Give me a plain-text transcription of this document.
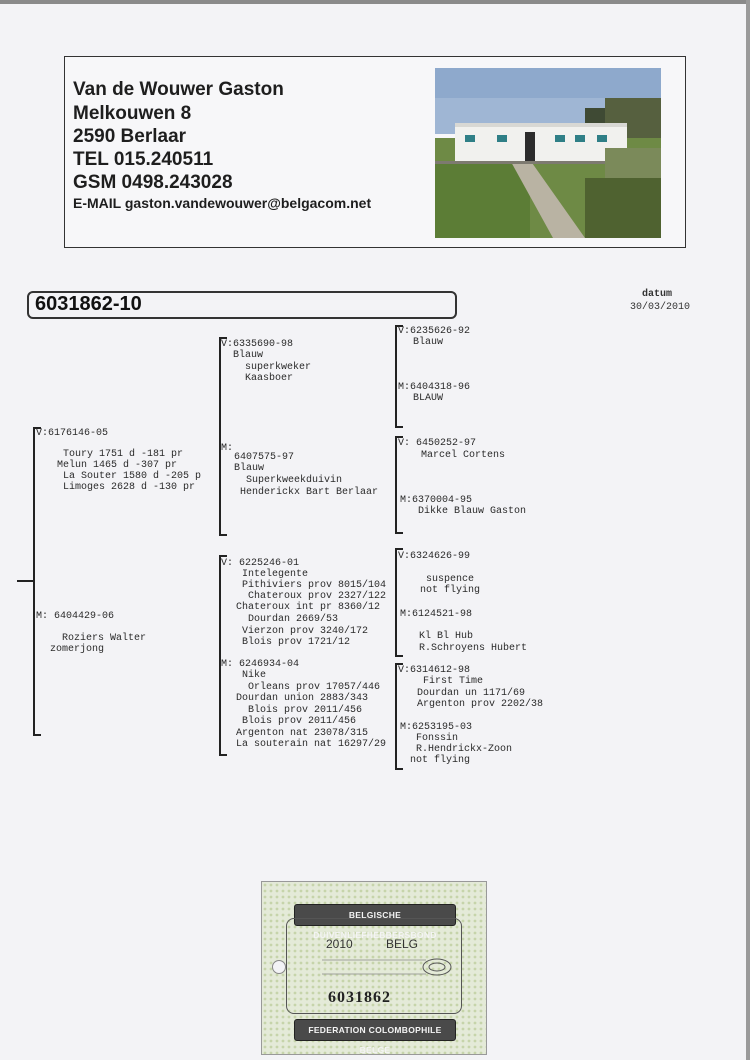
Van de Wouwer Gaston
Melkouwen 8
2590 Berlaar
TEL 015.240511
GSM 0498.243028
E-MAIL gaston.vandewouwer@belgacom.net
6031862-10	datum
30/03/2010
V:6176146-05
Toury 1751 d -181 pr
Melun 1465 d -307 pr
La Souter 1580 d -205 p
Limoges 2628 d -130 pr
M: 6404429-06
Roziers Walter
zomerjong
V:6335690-98
Blauw
superkweker
Kaasboer
M:
6407575-97
Blauw
Superkweekduivin
Henderickx Bart Berlaar
V: 6225246-01
Intelegente
Pithiviers prov 8015/104
Chateroux prov 2327/122
Chateroux int pr 8360/12
Dourdan 2669/53
Vierzon prov 3240/172
Blois prov 1721/12
M: 6246934-04
Nike
Orleans prov 17057/446
Dourdan union 2883/343
Blois prov 2011/456
Blois prov 2011/456
Argenton nat 23078/315
La souterain nat 16297/29
V:6235626-92
Blauw
M:6404318-96
BLAUW
V: 6450252-97
Marcel Cortens
M:6370004-95
Dikke Blauw Gaston
V:6324626-99
suspence
not flying
M:6124521-98
Kl Bl Hub
R.Schroyens Hubert
V:6314612-98
First Time
Dourdan un 1171/69
Argenton prov 2202/38
M:6253195-03
Fonssin
R.Hendrickx-Zoon
not flying
BELGISCHE DUIVENLIEFHEBBERSBOND
2010	BELG
6031862
FEDERATION COLOMBOPHILE BELGE
